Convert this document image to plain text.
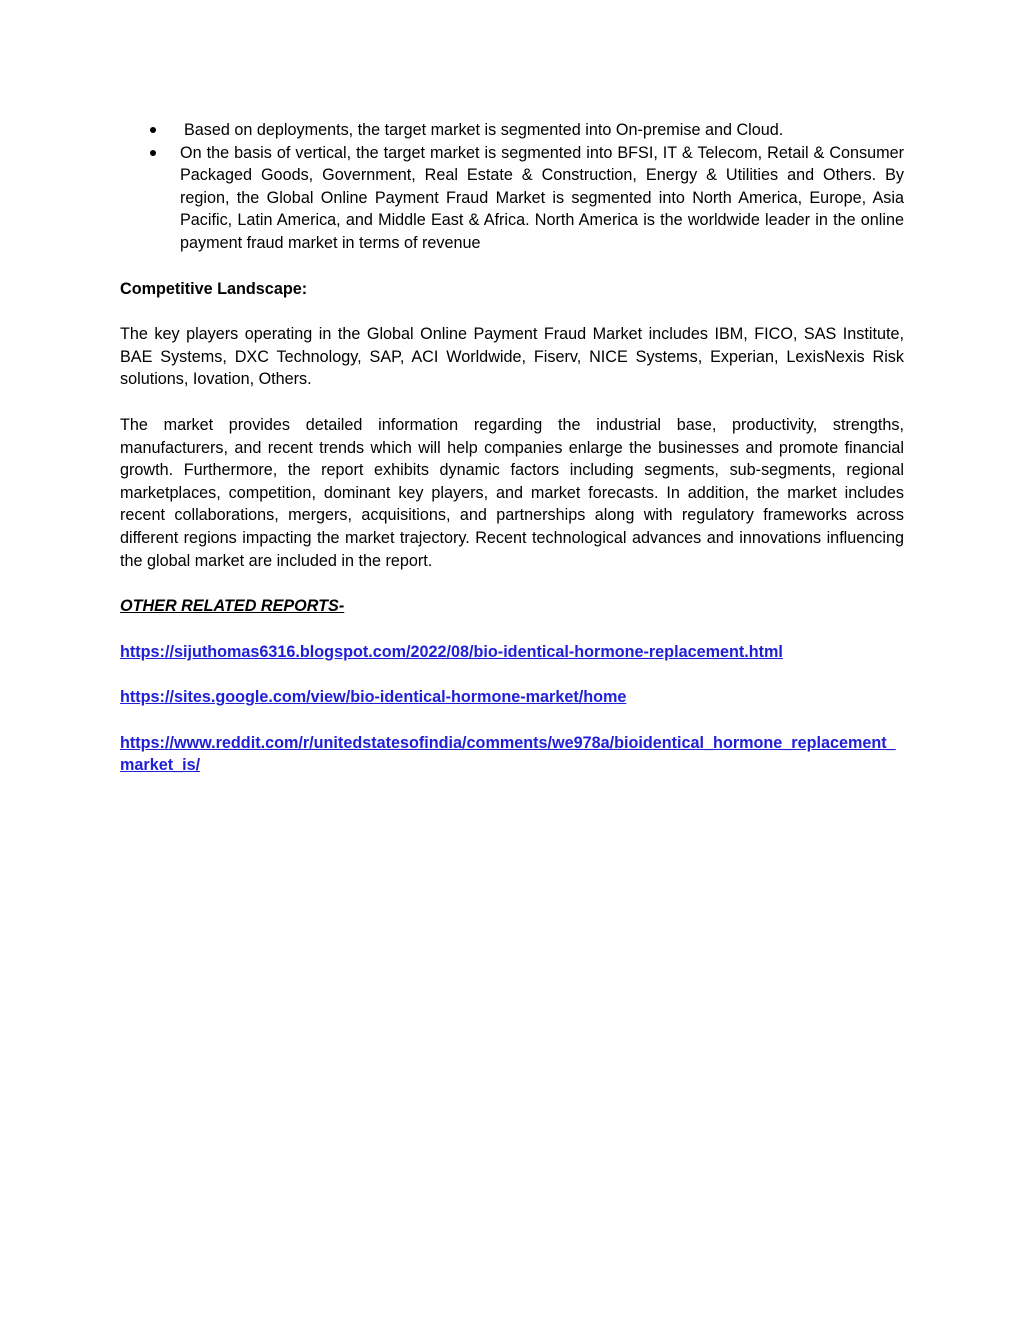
Based on deployments, the target market is segmented into On-premise and Cloud.
On the basis of vertical, the target market is segmented into BFSI, IT & Telecom, Retail & Consumer Packaged Goods, Government, Real Estate & Construction, Energy & Utilities and Others. By region, the Global Online Payment Fraud Market is segmented into North America, Europe, Asia Pacific, Latin America, and Middle East & Africa. North America is the worldwide leader in the online payment fraud market in terms of revenue

Competitive Landscape:

The key players operating in the Global Online Payment Fraud Market includes IBM, FICO, SAS Institute, BAE Systems, DXC Technology, SAP, ACI Worldwide, Fiserv, NICE Systems, Experian, LexisNexis Risk solutions, Iovation, Others.

The market provides detailed information regarding the industrial base, productivity, strengths, manufacturers, and recent trends which will help companies enlarge the businesses and promote financial growth. Furthermore, the report exhibits dynamic factors including segments, sub-segments, regional marketplaces, competition, dominant key players, and market forecasts. In addition, the market includes recent collaborations, mergers, acquisitions, and partnerships along with regulatory frameworks across different regions impacting the market trajectory. Recent technological advances and innovations influencing the global market are included in the report.

OTHER RELATED REPORTS-

https://sijuthomas6316.blogspot.com/2022/08/bio-identical-hormone-replacement.html
https://sites.google.com/view/bio-identical-hormone-market/home
https://www.reddit.com/r/unitedstatesofindia/comments/we978a/bioidentical_hormone_replacement_market_is/
